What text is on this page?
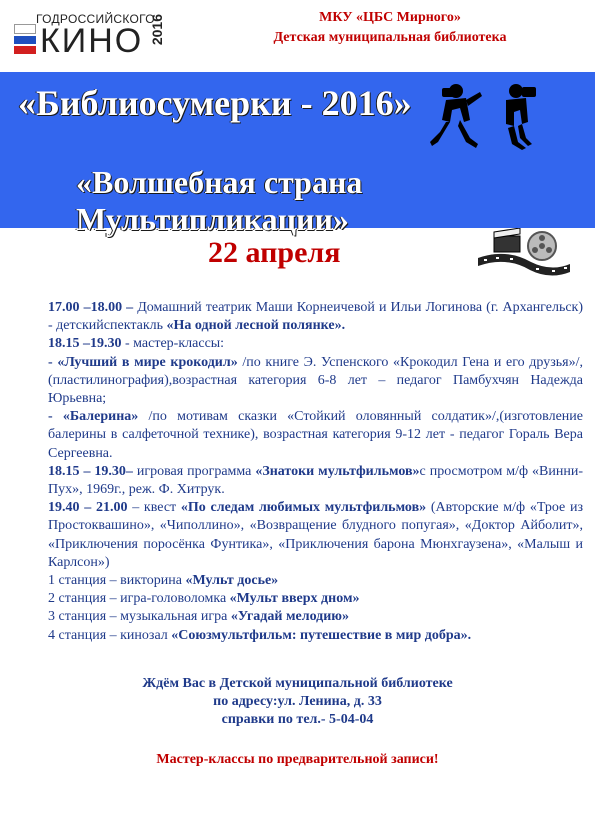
ГОДРОССИЙСКОГО
КИНО 2016	МКУ «ЦБС Мирного»
Детская муниципальная библиотека
«Библиосумерки - 2016»
«Волшебная страна Мультипликации»
22 апреля

17.00 –18.00 – Домашний театрик Маши Корнеичевой и Ильи Логинова (г. Архангельск) - детскийспектакль «На одной лесной полянке».

18.15 –19.30 - мастер-классы:

- «Лучший в мире крокодил» /по книге Э. Успенского «Крокодил Гена и его друзья»/,(пластилинография),возрастная категория 6-8 лет – педагог Памбухчян Надежда Юрьевна;

- «Балерина» /по мотивам сказки «Стойкий оловянный солдатик»/,(изготовление балерины в салфеточной технике), возрастная категория 9-12 лет - педагог Гораль Вера Сергеевна.

18.15 – 19.30– игровая программа «Знатоки мультфильмов»с просмотром м/ф «Винни-Пух», 1969г., реж. Ф. Хитрук.

19.40 – 21.00 – квест «По следам любимых мультфильмов» (Авторские м/ф «Трое из Простоквашино», «Чиполлино», «Возвращение блудного попугая», «Доктор Айболит», «Приключения поросёнка Фунтика», «Приключения барона Мюнхгаузена», «Малыш и Карлсон»)

1 станция – викторина «Мульт досье»

2 станция – игра-головоломка «Мульт вверх дном»

3 станция – музыкальная игра «Угадай мелодию»

4 станция – кинозал «Союзмультфильм: путешествие в мир добра».

Ждём Вас в Детской муниципальной библиотеке
по адресу:ул. Ленина, д. 33
справки по тел.- 5-04-04
Мастер-классы по предварительной записи!
